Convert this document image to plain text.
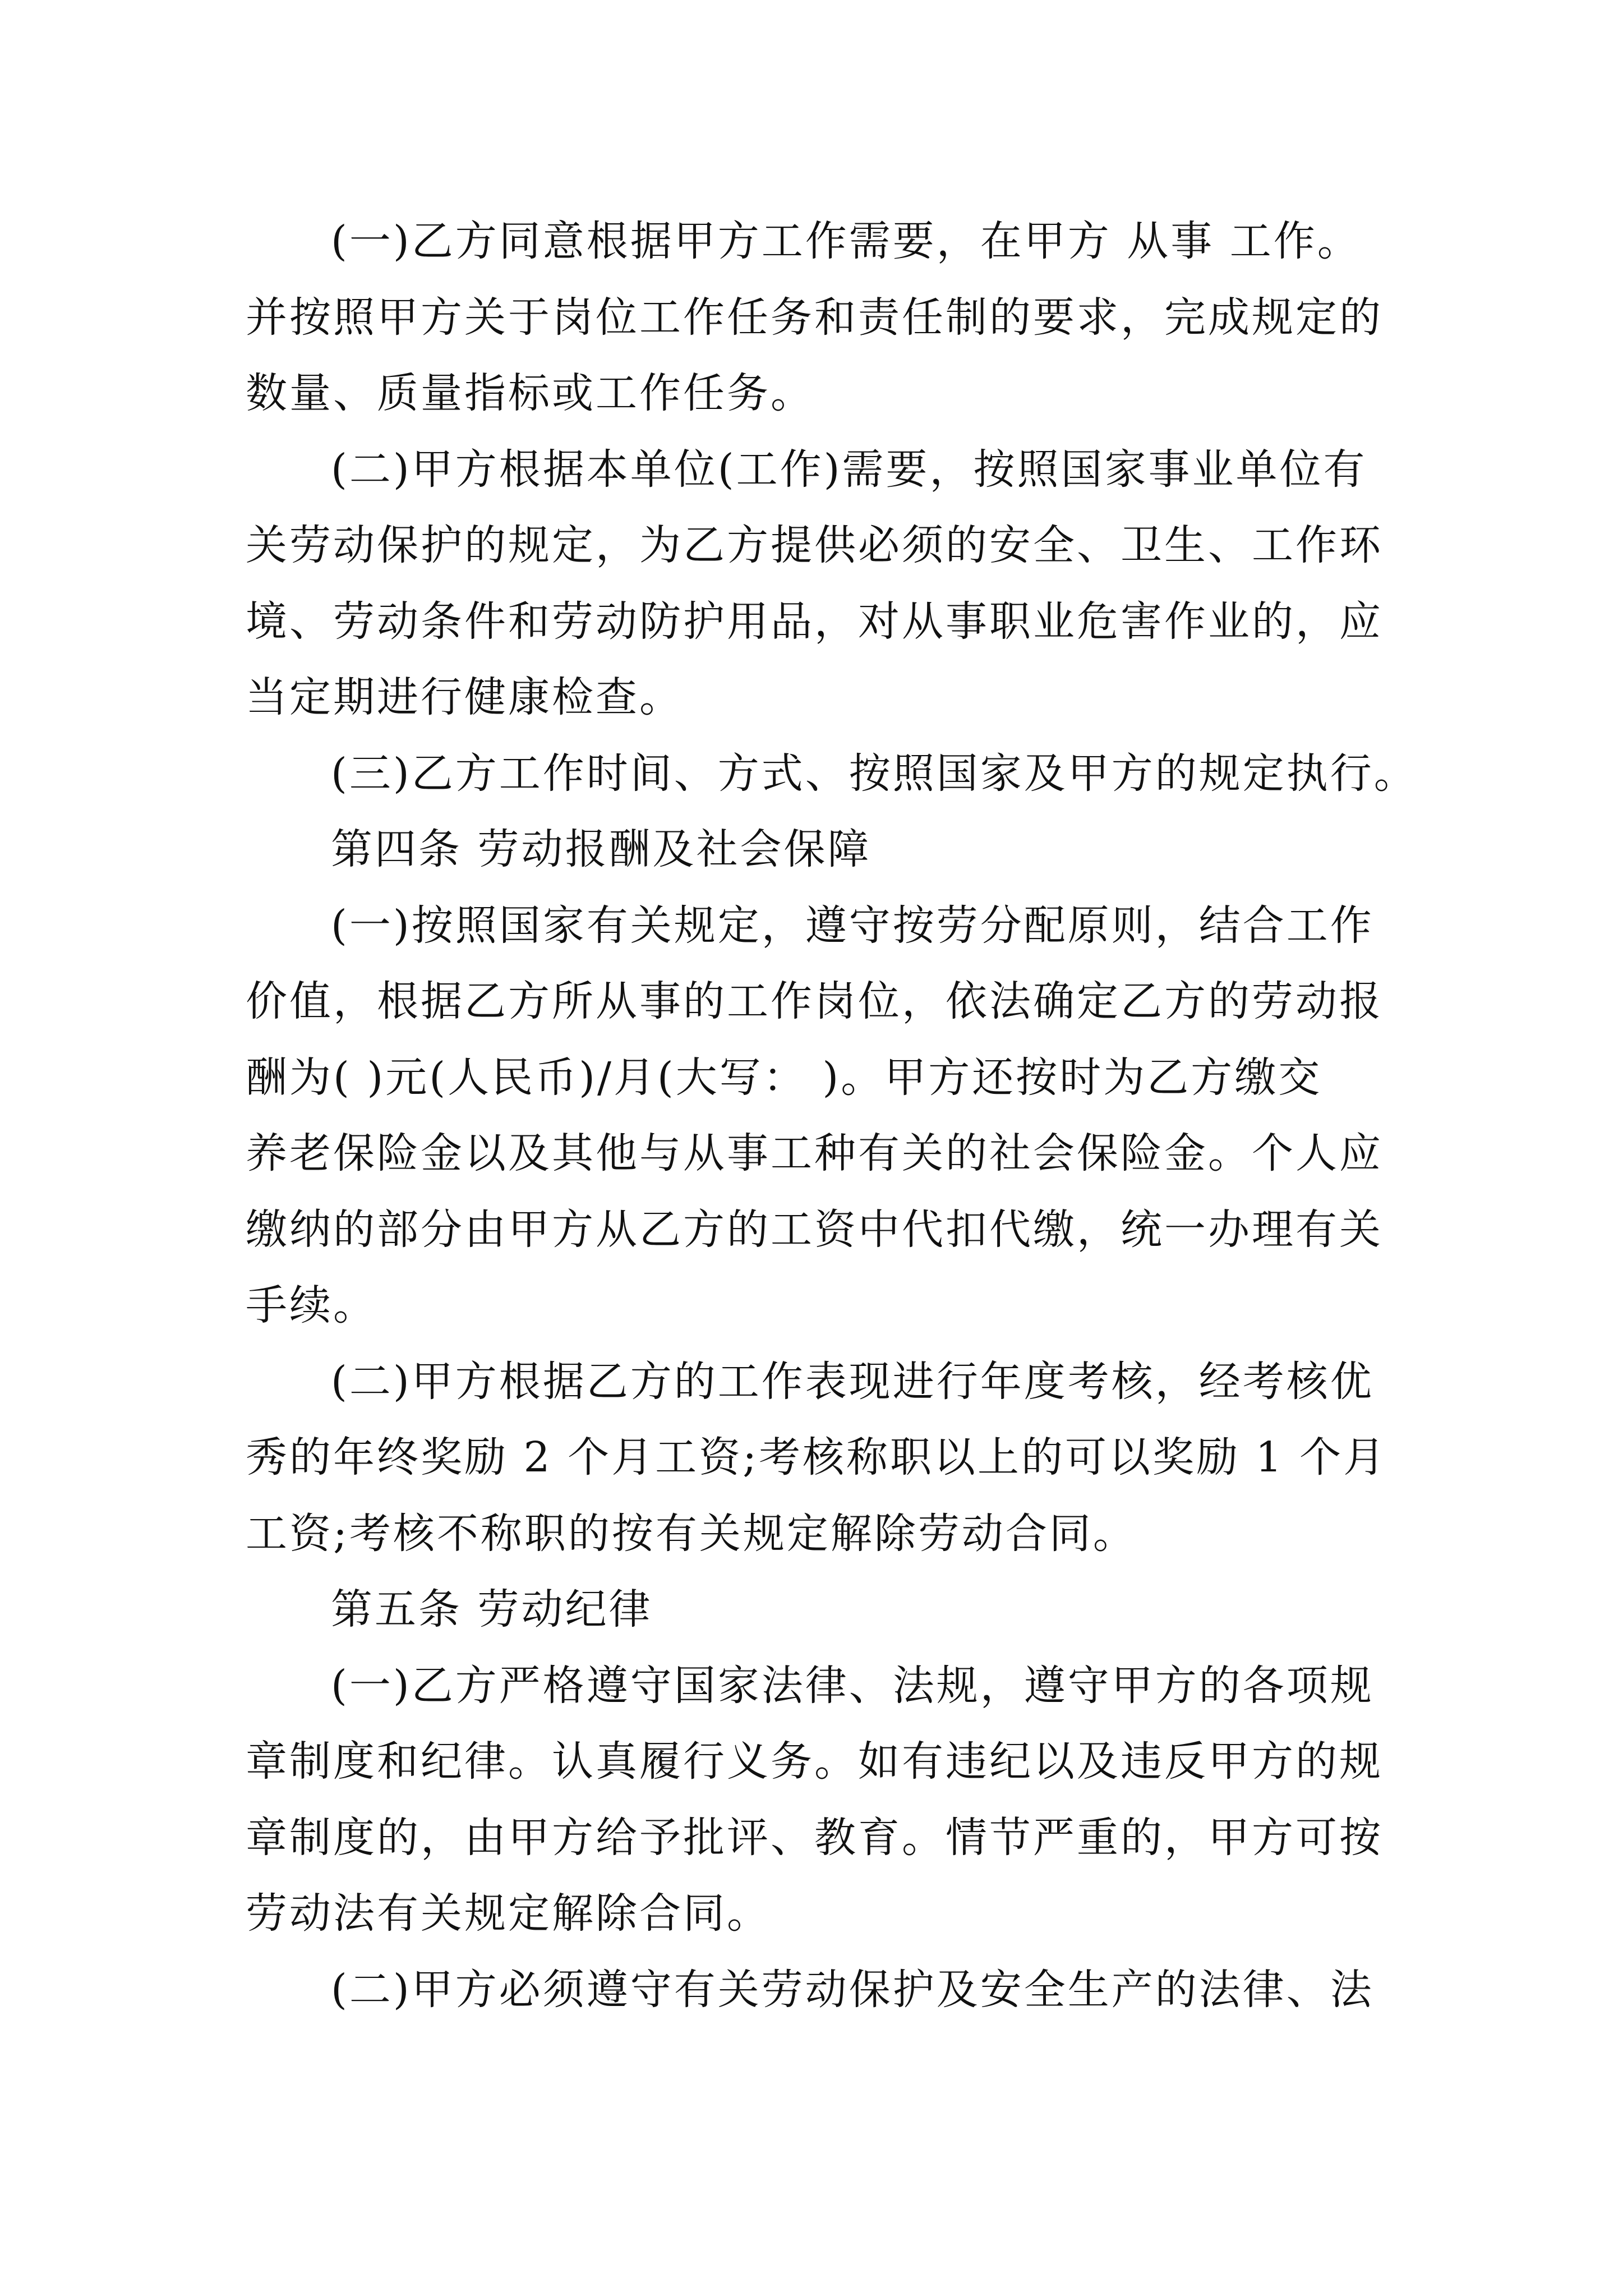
(一)乙方同意根据甲方工作需要，在甲方 从事 工作。
并按照甲方关于岗位工作任务和责任制的要求，完成规定的
数量、质量指标或工作任务。
(二)甲方根据本单位(工作)需要，按照国家事业单位有
关劳动保护的规定，为乙方提供必须的安全、卫生、工作环
境、劳动条件和劳动防护用品，对从事职业危害作业的，应
当定期进行健康检查。
(三)乙方工作时间、方式、按照国家及甲方的规定执行。
第四条 劳动报酬及社会保障
(一)按照国家有关规定，遵守按劳分配原则，结合工作
价值，根据乙方所从事的工作岗位，依法确定乙方的劳动报
酬为( )元(人民币)/月(大写： )。甲方还按时为乙方缴交
养老保险金以及其他与从事工种有关的社会保险金。个人应
缴纳的部分由甲方从乙方的工资中代扣代缴，统一办理有关
手续。
(二)甲方根据乙方的工作表现进行年度考核，经考核优
秀的年终奖励 2 个月工资;考核称职以上的可以奖励 1 个月
工资;考核不称职的按有关规定解除劳动合同。
第五条 劳动纪律
(一)乙方严格遵守国家法律、法规，遵守甲方的各项规
章制度和纪律。认真履行义务。如有违纪以及违反甲方的规
章制度的，由甲方给予批评、教育。情节严重的，甲方可按
劳动法有关规定解除合同。
(二)甲方必须遵守有关劳动保护及安全生产的法律、法
